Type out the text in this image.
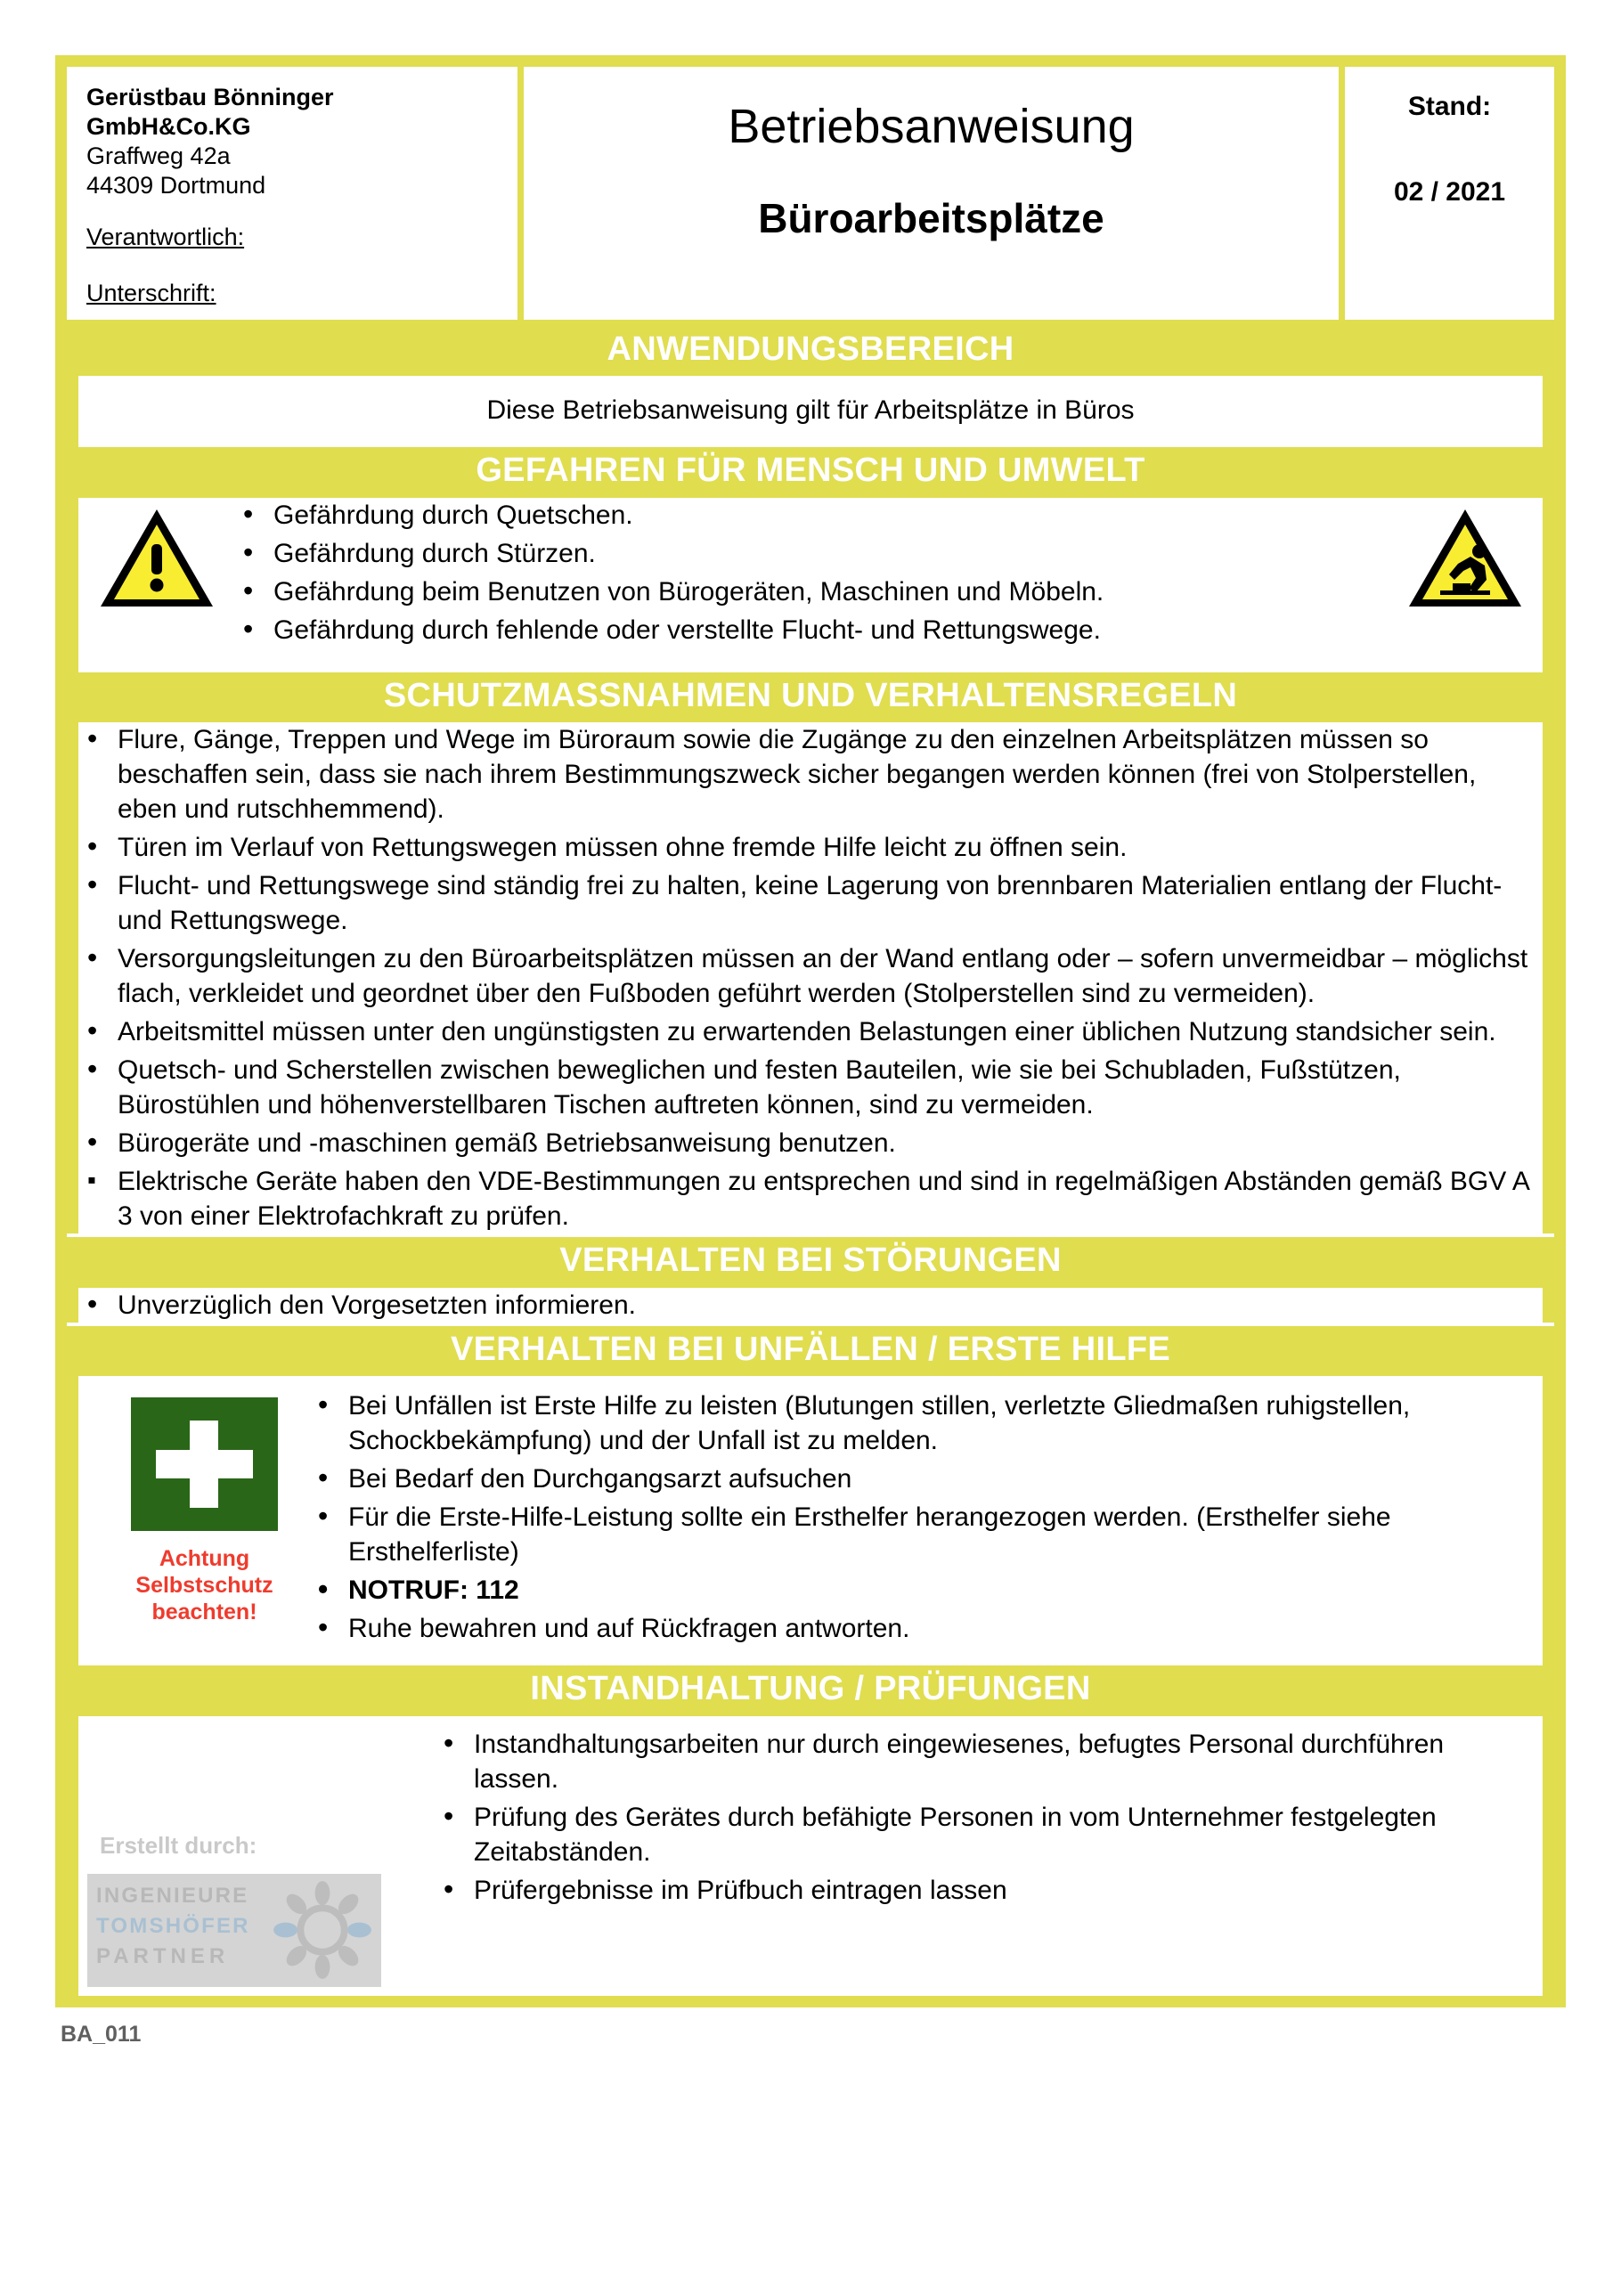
Gerüstbau Bönninger
GmbH&Co.KG
Graffweg 42a
44309 Dortmund
Verantwortlich:
Unterschrift:
Betriebsanweisung
Büroarbeitsplätze
Stand:
02 / 2021
ANWENDUNGSBEREICH
Diese Betriebsanweisung gilt für Arbeitsplätze in Büros
GEFAHREN FÜR MENSCH UND UMWELT
• Gefährdung durch Quetschen.
• Gefährdung durch Stürzen.
• Gefährdung beim Benutzen von Bürogeräten, Maschinen und Möbeln.
• Gefährdung durch fehlende oder verstellte Flucht- und Rettungswege.
SCHUTZMASSNAHMEN UND VERHALTENSREGELN
• Flure, Gänge, Treppen und Wege im Büroraum sowie die Zugänge zu den einzelnen Arbeitsplätzen müssen so beschaffen sein, dass sie nach ihrem Bestimmungszweck sicher begangen werden können (frei von Stolperstellen, eben und rutschhemmend).
• Türen im Verlauf von Rettungswegen müssen ohne fremde Hilfe leicht zu öffnen sein.
• Flucht- und Rettungswege sind ständig frei zu halten, keine Lagerung von brennbaren Materialien entlang der Flucht- und Rettungswege.
• Versorgungsleitungen zu den Büroarbeitsplätzen müssen an der Wand entlang oder – sofern unvermeidbar – möglichst flach, verkleidet und geordnet über den Fußboden geführt werden (Stolperstellen sind zu vermeiden).
• Arbeitsmittel müssen unter den ungünstigsten zu erwartenden Belastungen einer üblichen Nutzung standsicher sein.
• Quetsch- und Scherstellen zwischen beweglichen und festen Bauteilen, wie sie bei Schubladen, Fußstützen, Bürostühlen und höhenverstellbaren Tischen auftreten können, sind zu vermeiden.
• Bürogeräte und -maschinen gemäß Betriebsanweisung benutzen.
▪ Elektrische Geräte haben den VDE-Bestimmungen zu entsprechen und sind in regelmäßigen Abständen gemäß BGV A 3 von einer Elektrofachkraft zu prüfen.
VERHALTEN BEI STÖRUNGEN
• Unverzüglich den Vorgesetzten informieren.
VERHALTEN BEI UNFÄLLEN / ERSTE HILFE
Achtung
Selbstschutz
beachten!
• Bei Unfällen ist Erste Hilfe zu leisten (Blutungen stillen, verletzte Gliedmaßen ruhigstellen, Schockbekämpfung) und der Unfall ist zu melden.
• Bei Bedarf den Durchgangsarzt aufsuchen
• Für die Erste-Hilfe-Leistung sollte ein Ersthelfer herangezogen werden. (Ersthelfer siehe Ersthelferliste)
• NOTRUF: 112
• Ruhe bewahren und auf Rückfragen antworten.
INSTANDHALTUNG / PRÜFUNGEN
Erstellt durch:
INGENIEURE
TOMSHÖFER
PARTNER
• Instandhaltungsarbeiten nur durch eingewiesenes, befugtes Personal durchführen lassen.
• Prüfung des Gerätes durch befähigte Personen in vom Unternehmer festgelegten Zeitabständen.
• Prüfergebnisse im Prüfbuch eintragen lassen
BA_011
